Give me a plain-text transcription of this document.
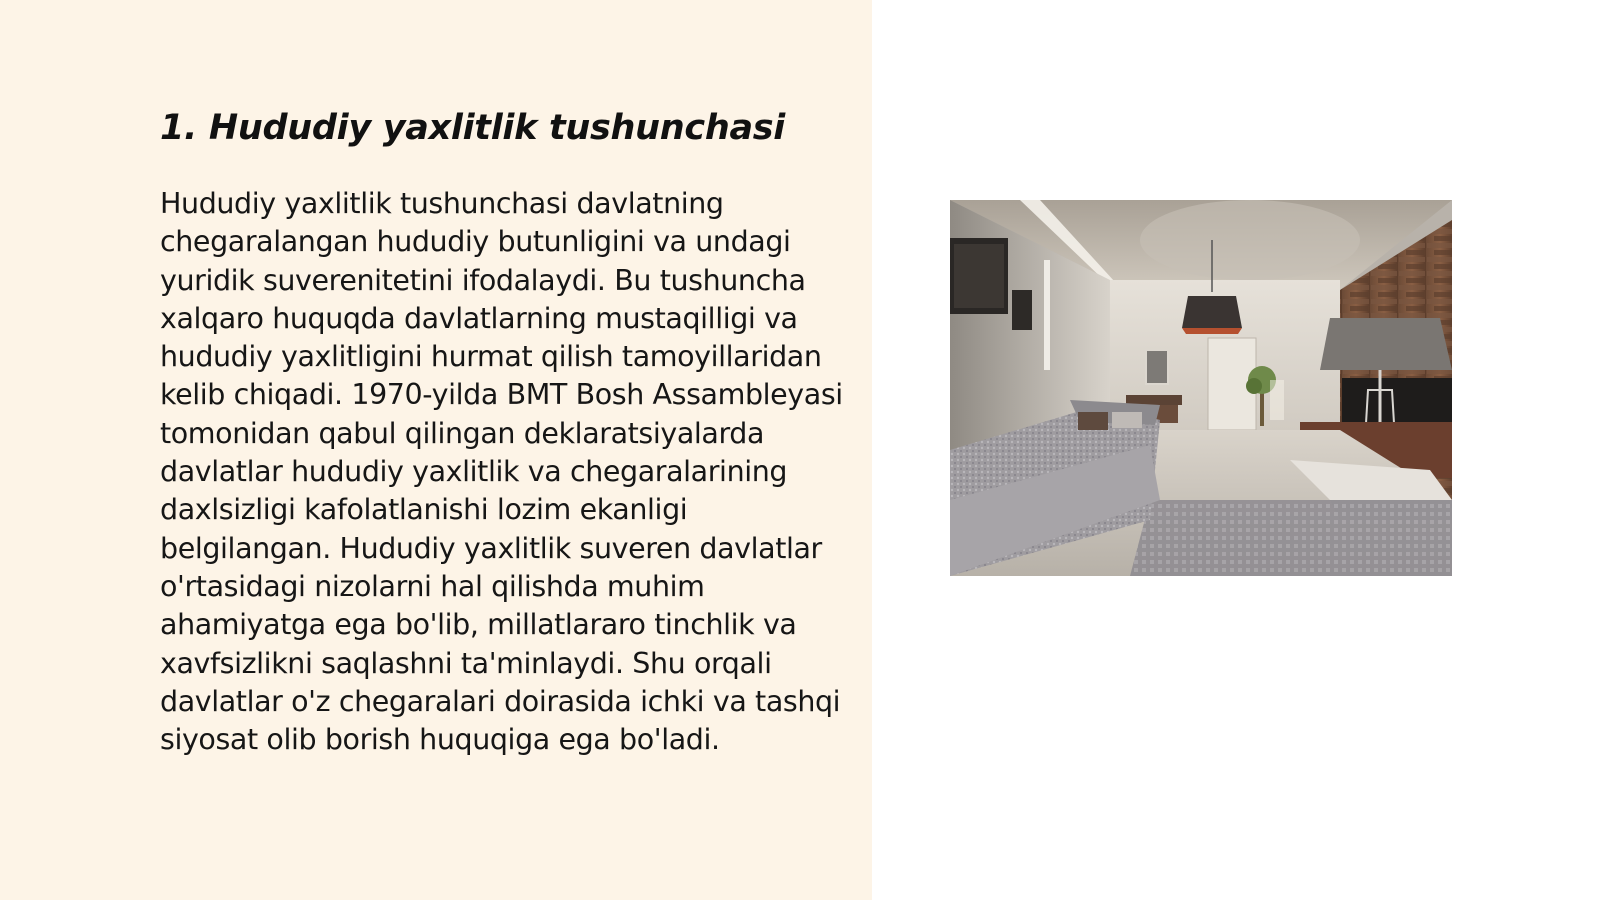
1. Hududiy yaxlitlik tushunchasi

Hududiy yaxlitlik tushunchasi davlatning chegaralangan hududiy butunligini va undagi yuridik suverenitetini ifodalaydi. Bu tushuncha xalqaro huquqda davlatlarning mustaqilligi va hududiy yaxlitligini hurmat qilish tamoyillaridan kelib chiqadi. 1970-yilda BMT Bosh Assambleyasi tomonidan qabul qilingan deklaratsiyalarda davlatlar hududiy yaxlitlik va chegaralarining daxlsizligi kafolatlanishi lozim ekanligi belgilangan. Hududiy yaxlitlik suveren davlatlar o'rtasidagi nizolarni hal qilishda muhim ahamiyatga ega bo'lib, millatlararo tinchlik va xavfsizlikni saqlashni ta'minlaydi. Shu orqali davlatlar o'z chegaralari doirasida ichki va tashqi siyosat olib borish huquqiga ega bo'ladi.
